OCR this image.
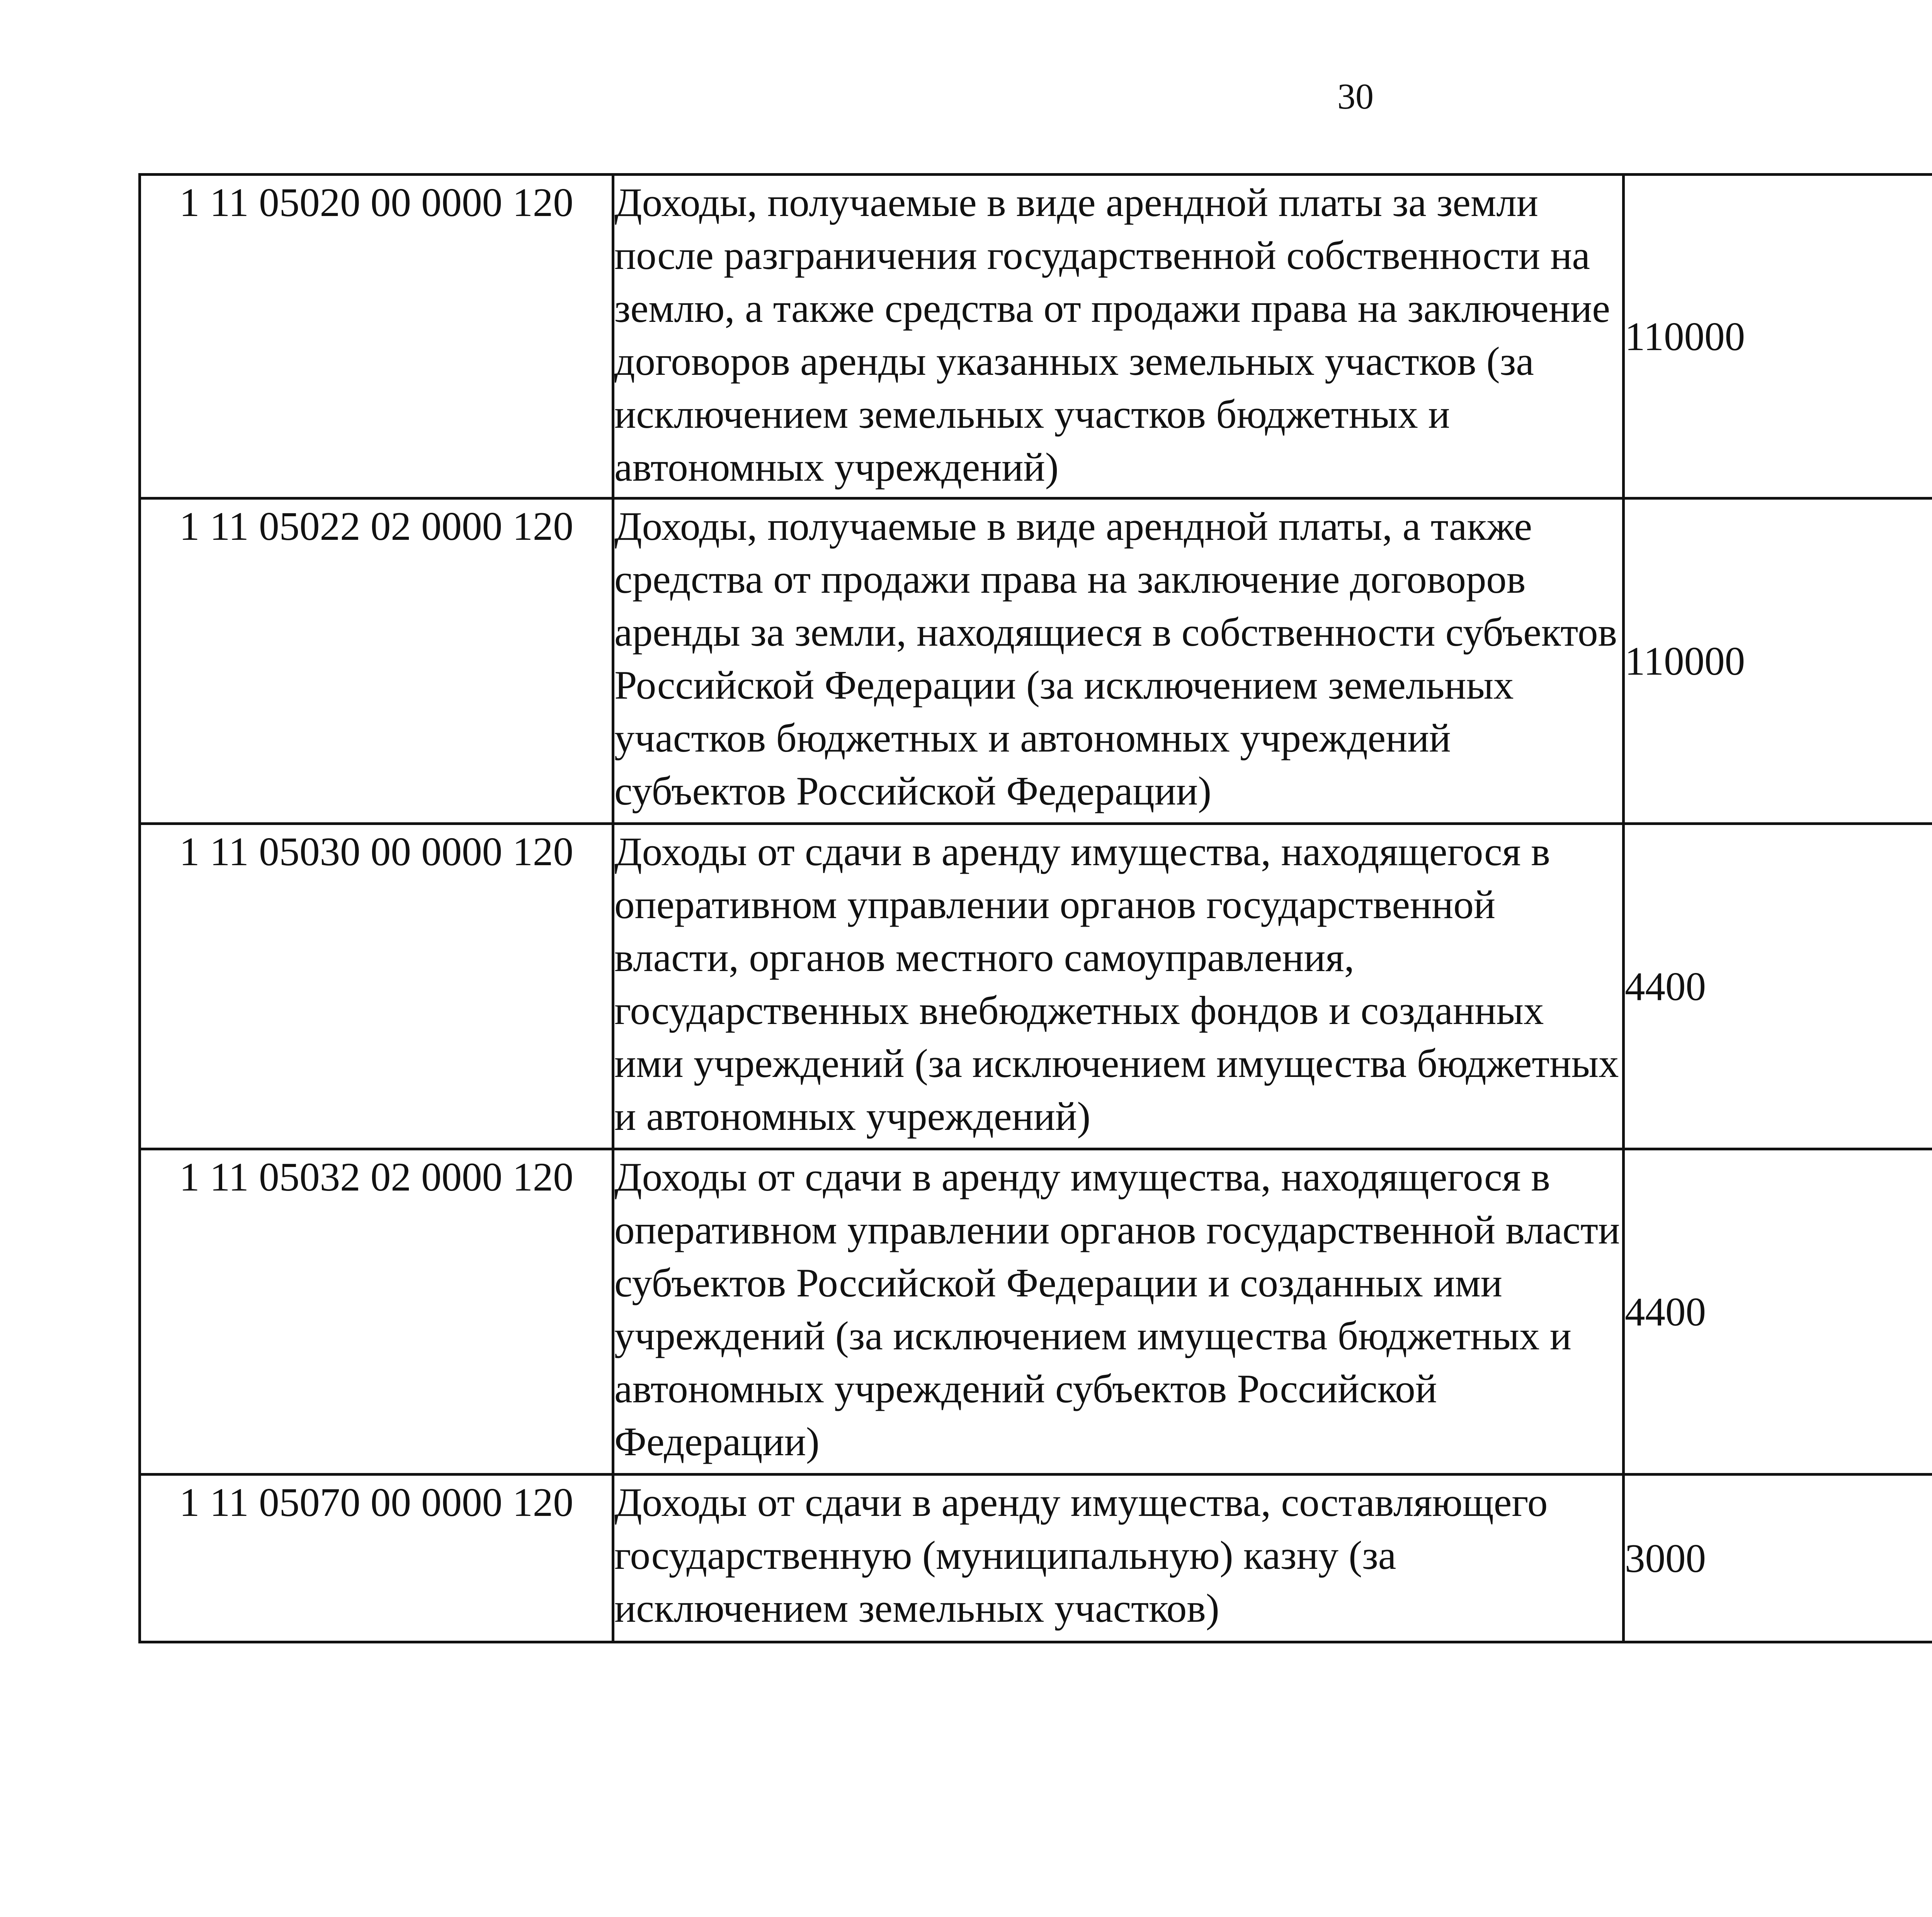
30
1 11 05020 00 0000 120	Доходы, получаемые в виде арендной платы за земли после разграничения государственной собственности на землю, а также средства от продажи права на заключение договоров аренды указанных земельных участков (за исключением земельных участков бюджетных и автономных учреждений)	110000		
1 11 05022 02 0000 120	Доходы, получаемые в виде арендной платы, а также средства от продажи права на заключение договоров аренды за земли, находящиеся в собственности субъектов Российской Федерации (за исключением земельных участков бюджетных и автономных учреждений субъектов Российской Федерации)	110000		
1 11 05030 00 0000 120	Доходы от сдачи в аренду имущества, находящегося в оперативном управлении органов государственной власти, органов местного самоуправления, государственных внебюджетных фондов и созданных ими учреждений (за исключением имущества бюджетных и автономных учреждений)	4400		
1 11 05032 02 0000 120	Доходы от сдачи в аренду имущества, находящегося в оперативном управлении органов государственной власти субъектов Российской Федерации и созданных ими учреждений (за исключением имущества бюджетных и автономных учреждений субъектов Российской Федерации)	4400		
1 11 05070 00 0000 120	Доходы от сдачи в аренду имущества, составляющего государственную (муниципальную) казну (за исключением земельных участков)	3000		
